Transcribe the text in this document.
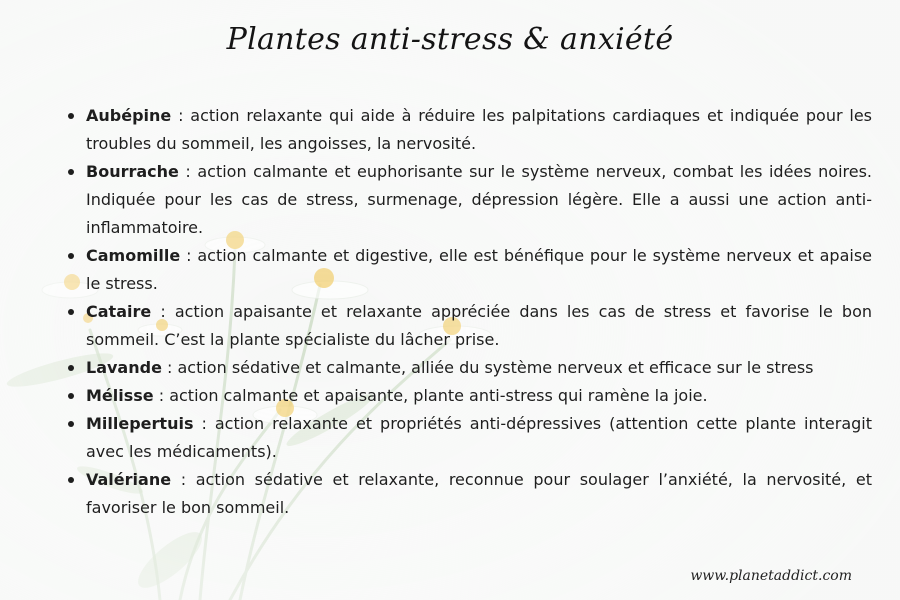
Plantes anti-stress & anxiété
Aubépine : action relaxante qui aide à réduire les palpitations cardiaques et indiquée pour les troubles du sommeil, les angoisses, la nervosité.
Bourrache : action calmante et euphorisante sur le système nerveux, combat les idées noires. Indiquée pour les cas de stress, surmenage, dépression légère. Elle a aussi une action anti-inflammatoire.
Camomille : action calmante et digestive, elle est bénéfique pour le système nerveux et apaise le stress.
Cataire : action apaisante et relaxante appréciée dans les cas de stress et favorise le bon sommeil. C’est la plante spécialiste du lâcher prise.
Lavande : action sédative et calmante, alliée du système nerveux et efficace sur le stress
Mélisse : action calmante et apaisante, plante anti-stress qui ramène la joie.
Millepertuis : action relaxante et propriétés anti-dépressives (attention cette plante interagit avec les médicaments).
Valériane : action sédative et relaxante, reconnue pour soulager l’anxiété, la nervosité, et favoriser le bon sommeil.
www.planetaddict.com
